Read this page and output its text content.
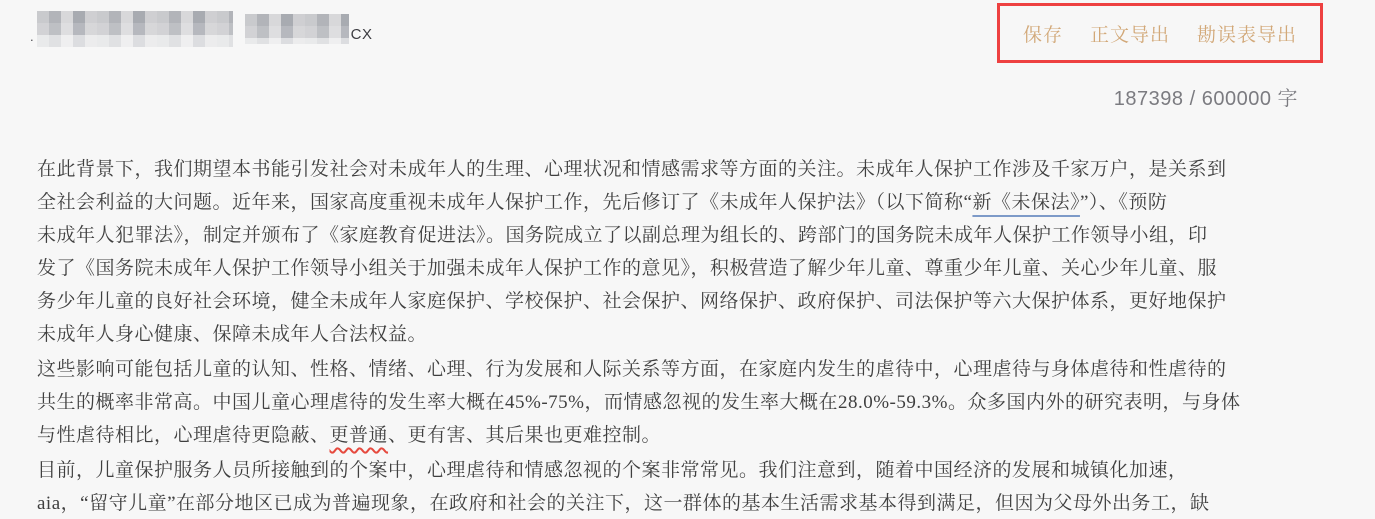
.	CX	保存 正文导出 勘误表导出
187398 / 600000 字
在此背景下，我们期望本书能引发社会对未成年人的生理、心理状况和情感需求等方面的关注。未成年人保护工作涉及千家万户，是关系到
全社会利益的大问题。近年来，国家高度重视未成年人保护工作，先后修订了《未成年人保护法》（以下简称“新《未保法》”）、《预防
未成年人犯罪法》，制定并颁布了《家庭教育促进法》。国务院成立了以副总理为组长的、跨部门的国务院未成年人保护工作领导小组，印
发了《国务院未成年人保护工作领导小组关于加强未成年人保护工作的意见》，积极营造了解少年儿童、尊重少年儿童、关心少年儿童、服
务少年儿童的良好社会环境，健全未成年人家庭保护、学校保护、社会保护、网络保护、政府保护、司法保护等六大保护体系，更好地保护
未成年人身心健康、保障未成年人合法权益。
这些影响可能包括儿童的认知、性格、情绪、心理、行为发展和人际关系等方面，在家庭内发生的虐待中，心理虐待与身体虐待和性虐待的
共生的概率非常高。中国儿童心理虐待的发生率大概在45%-75%，而情感忽视的发生率大概在28.0%-59.3%。众多国内外的研究表明，与身体
与性虐待相比，心理虐待更隐蔽、更普通、更有害、其后果也更难控制。
目前，儿童保护服务人员所接触到的个案中，心理虐待和情感忽视的个案非常常见。我们注意到，随着中国经济的发展和城镇化加速，
aia，“留守儿童”在部分地区已成为普遍现象，在政府和社会的关注下，这一群体的基本生活需求基本得到满足，但因为父母外出务工，缺
